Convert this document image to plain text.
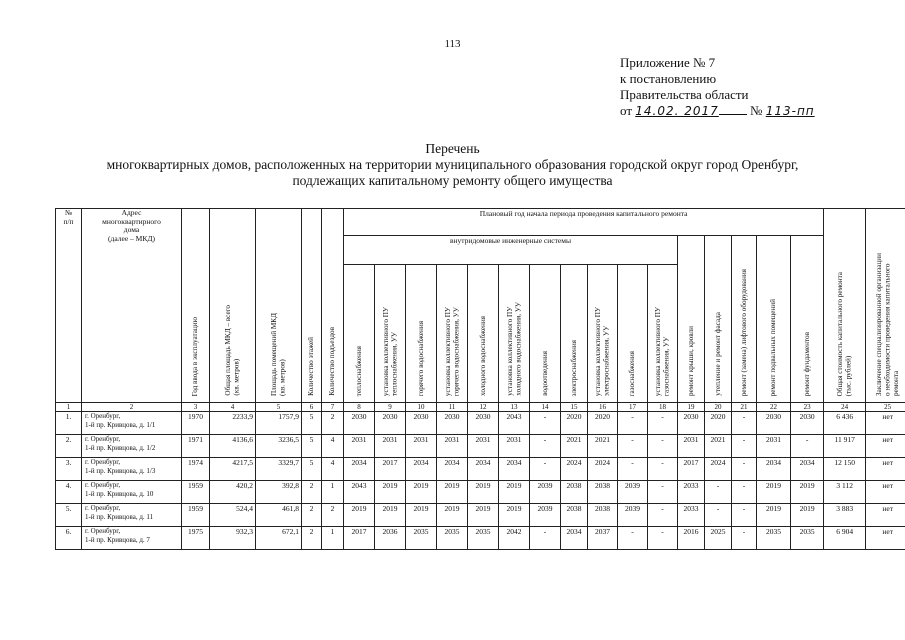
113
Приложение № 7
к постановлению
Правительства области
от 14.02. 2017 № 113-пп
Перечень
многоквартирных домов, расположенных на территории муниципального образования городской округ город Оренбург,
подлежащих капитальному ремонту общего имущества
№
п/п	Адрес
многоквартирного
дома
(далее – МКД)	Год ввода в эксплуатацию	Общая площадь МКД – всего
(кв. метров)	Площадь помещений МКД
(кв. метров)	Количество этажей	Количество подъездов	Плановый год начала периода проведения капитального ремонта																Общая стоимость капитального ремонта
(тыс. рублей)	Заключение специализированной организации
о необходимости проведения капитального
ремонта

							внутридомовые инженерные системы											ремонт крыши, кровли	утепление и ремонт фасада	ремонт (замена) лифтового оборудования	ремонт подвальных помещений	ремонт фундаментов		

							теплоснабжения	установка коллективного ПУ
теплоснабжения, УУ	горячего водоснабжения	установка коллективного ПУ
горячего водоснабжения, УУ	холодного водоснабжения	установка коллективного ПУ
холодного водоснабжения, УУ	водоотведения	электроснабжения	установка коллективного ПУ
электроснабжения, УУ	газоснабжения	установка коллективного ПУ
газоснабжения, УУ							

1	2	3	4	5	6	7	8	9	10	11	12	13	14	15	16	17	18	19	20	21	22	23	24	25
1.	г. Оренбург,
1-й пр. Кривцова, д. 1/1	1970	2233,9	1757,9	5	2	2030	2030	2030	2030	2030	2043	-	2020	2020	-	-	2030	2020	-	2030	2030	6 436	нет
2.	г. Оренбург,
1-й пр. Кривцова, д. 1/2	1971	4136,6	3236,5	5	4	2031	2031	2031	2031	2031	2031	-	2021	2021	-	-	2031	2021	-	2031	-	11 917	нет
3.	г. Оренбург,
1-й пр. Кривцова, д. 1/3	1974	4217,5	3329,7	5	4	2034	2017	2034	2034	2034	2034	-	2024	2024	-	-	2017	2024	-	2034	2034	12 150	нет
4.	г. Оренбург,
1-й пр. Кривцова, д. 10	1959	420,2	392,8	2	1	2043	2019	2019	2019	2019	2019	2039	2038	2038	2039	-	2033	-	-	2019	2019	3 112	нет
5.	г. Оренбург,
1-й пр. Кривцова, д. 11	1959	524,4	461,8	2	2	2019	2019	2019	2019	2019	2019	2039	2038	2038	2039	-	2033	-	-	2019	2019	3 883	нет
6.	г. Оренбург,
1-й пр. Кривцова, д. 7	1975	932,3	672,1	2	1	2017	2036	2035	2035	2035	2042	-	2034	2037	-	-	2016	2025	-	2035	2035	6 904	нет
